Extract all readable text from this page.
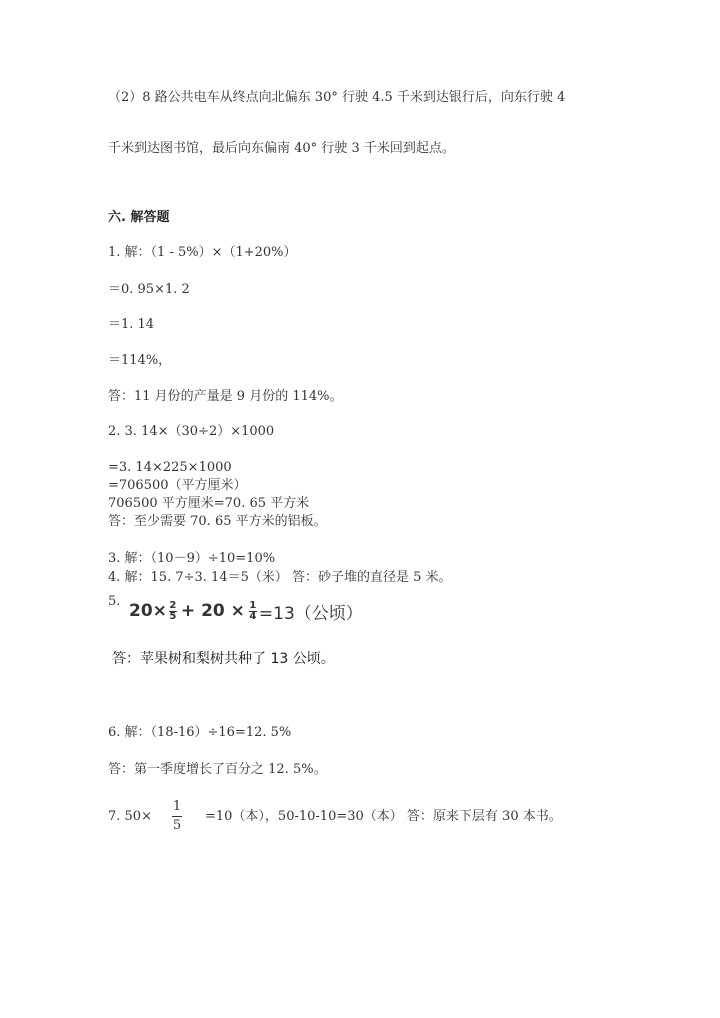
（2）8 路公共电车从终点向北偏东 30° 行驶 4.5 千米到达银行后，向东行驶 4
千米到达图书馆，最后向东偏南 40° 行驶 3 千米回到起点。
六. 解答题
1. 解：（1 - 5%）×（1+20%）
＝0. 95×1. 2
＝1. 14
＝114%，
答：11 月份的产量是 9 月份的 114%。
2. 3. 14×（30÷2）×1000
=3. 14×225×1000
=706500（平方厘米）
706500 平方厘米=70. 65 平方米
答：至少需要 70. 65 平方米的铝板。
3. 解：（10－9）÷10=10%
4. 解：15. 7÷3. 14＝5（米） 答：砂子堆的直径是 5 米。
5. $20\times \frac{2}{5} + 20 \times \frac{1}{4} =13$（公顷）
答：苹果树和梨树共种了 13 公顷。
6. 解：（18-16）÷16=12. 5%
答：第一季度增长了百分之 12. 5%。
7. 50×
1
5
=10（本），50-10-10=30（本） 答：原来下层有 30 本书。
